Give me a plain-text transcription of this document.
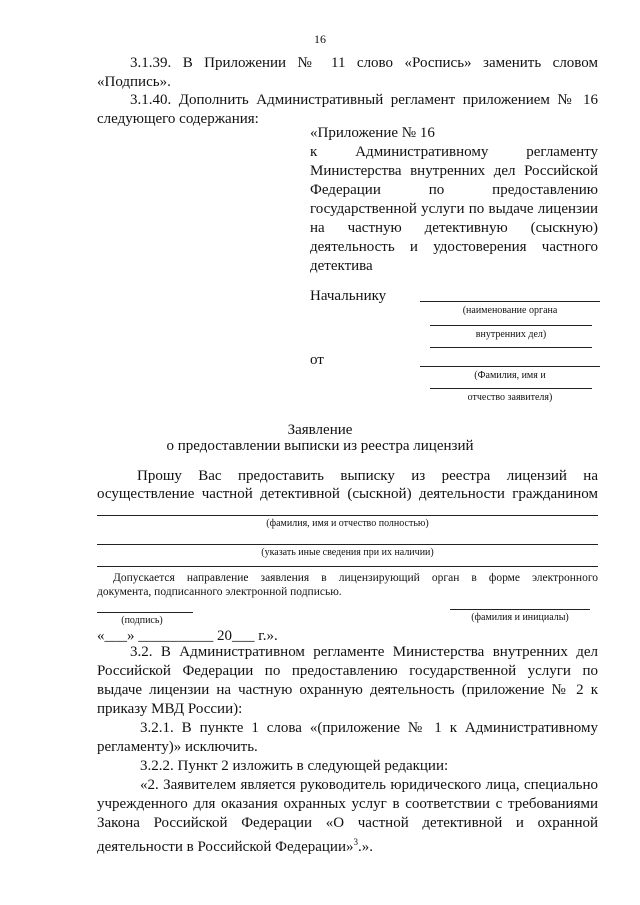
16

3.1.39. В Приложении № 11 слово «Роспись» заменить словом

«Подпись».

3.1.40. Дополнить Административный регламент приложением № 16

следующего содержания:

«Приложение № 16

к Административному регламенту

Министерства внутренних дел Российской

Федерации по предоставлению

государственной услуги по выдаче лицензии

на частную детективную (сыскную)

деятельность и удостоверения частного

детектива

Начальнику

(наименование органа
внутренних дел)

от

(Фамилия, имя и
отчество заявителя)

Заявление

о предоставлении выписки из реестра лицензий

Прошу Вас предоставить выписку из реестра лицензий на

осуществление частной детективной (сыскной) деятельности гражданином

(фамилия, имя и отчество полностью)
(указать иные сведения при их наличии)

Допускается направление заявления в лицензирующий орган в форме электронного

документа, подписанного электронной подписью.

(подпись)	(фамилия и инициалы)

«___» __________ 20___ г.».

3.2. В Административном регламенте Министерства внутренних дел

Российской Федерации по предоставлению государственной услуги по

выдаче лицензии на частную охранную деятельность (приложение № 2 к

приказу МВД России):

3.2.1. В пункте 1 слова «(приложение № 1 к Административному

регламенту)» исключить.

3.2.2. Пункт 2 изложить в следующей редакции:

«2. Заявителем является руководитель юридического лица, специально

учрежденного для оказания охранных услуг в соответствии с требованиями

Закона Российской Федерации «О частной детективной и охранной

деятельности в Российской Федерации»$^3$.».
